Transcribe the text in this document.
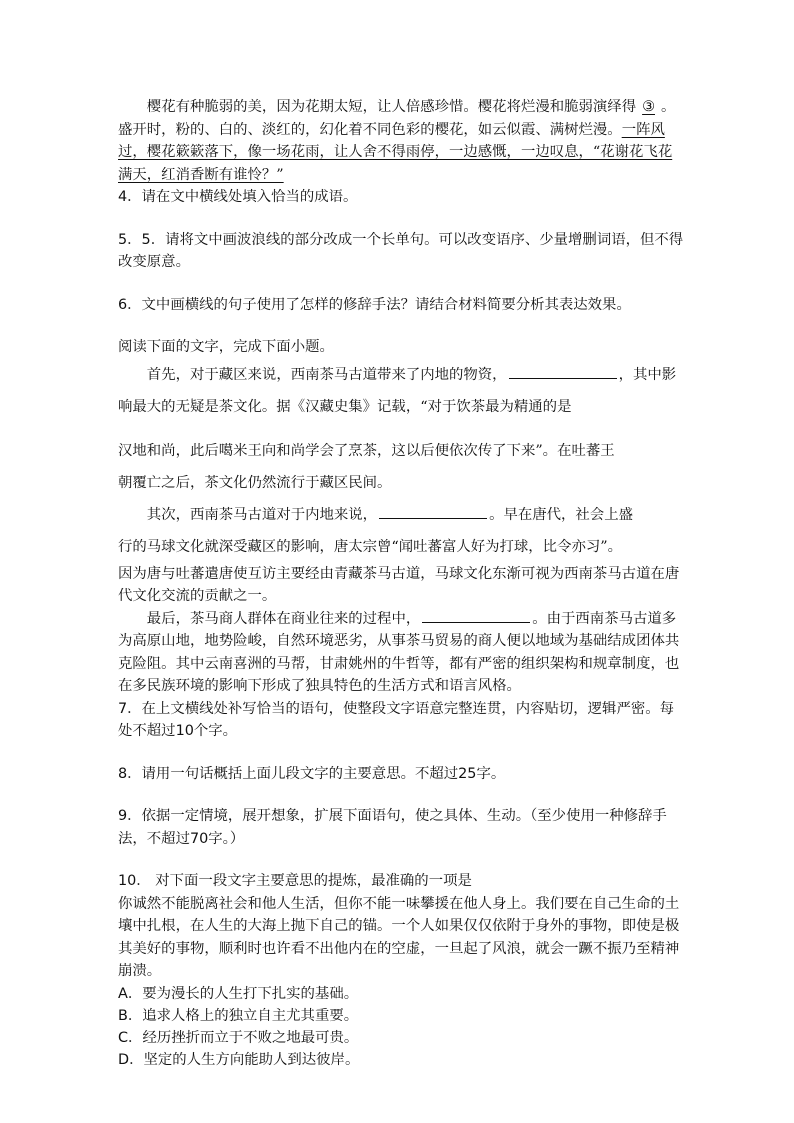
樱花有种脆弱的美，因为花期太短，让人倍感珍惜。樱花将烂漫和脆弱演绎得 ③ 。盛开时，粉的、白的、淡红的，幻化着不同色彩的樱花，如云似霞、满树烂漫。一阵风过，樱花簌簌落下，像一场花雨，让人舍不得雨停，一边感慨，一边叹息，“花谢花飞花满天，红消香断有谁怜？”

4．请在文中横线处填入恰当的成语。

5．5．请将文中画波浪线的部分改成一个长单句。可以改变语序、少量增删词语，但不得改变原意。

6．文中画横线的句子使用了怎样的修辞手法？请结合材料简要分析其表达效果。

阅读下面的文字，完成下面小题。

首先，对于藏区来说，西南茶马古道带来了内地的物资，	，其中影响最大的无疑是茶文化。据《汉藏史集》记载，“对于饮茶最为精通的是

汉地和尚，此后噶米王向和尚学会了烹茶，这以后便依次传了下来”。在吐蕃王

朝覆亡之后，茶文化仍然流行于藏区民间。

其次，西南茶马古道对于内地来说，	。早在唐代，社会上盛

行的马球文化就深受藏区的影响，唐太宗曾“闻吐蕃富人好为打球，比令亦习”。

因为唐与吐蕃遣唐使互访主要经由青藏茶马古道，马球文化东渐可视为西南茶马古道在唐代文化交流的贡献之一。

最后，茶马商人群体在商业往来的过程中，	。由于西南茶马古道多为高原山地，地势险峻，自然环境恶劣，从事茶马贸易的商人便以地域为基础结成团体共克险阻。其中云南喜洲的马帮，甘肃姚州的牛哲等，都有严密的组织架构和规章制度，也在多民族环境的影响下形成了独具特色的生活方式和语言风格。

7．在上文横线处补写恰当的语句，使整段文字语意完整连贯，内容贴切，逻辑严密。每处不超过10个字。

8．请用一句话概括上面儿段文字的主要意思。不超过25字。

9．依据一定情境，展开想象，扩展下面语句，使之具体、生动。（至少使用一种修辞手法，不超过70字。）

10． 对下面一段文字主要意思的提炼，最准确的一项是

你诚然不能脱离社会和他人生活，但你不能一味攀援在他人身上。我们要在自己生命的土壤中扎根，在人生的大海上抛下自己的锚。一个人如果仅仅依附于身外的事物，即使是极其美好的事物，顺利时也许看不出他内在的空虚，一旦起了风浪，就会一蹶不振乃至精神崩溃。

A．要为漫长的人生打下扎实的基础。

B．追求人格上的独立自主尤其重要。

C．经历挫折而立于不败之地最可贵。

D．坚定的人生方向能助人到达彼岸。
